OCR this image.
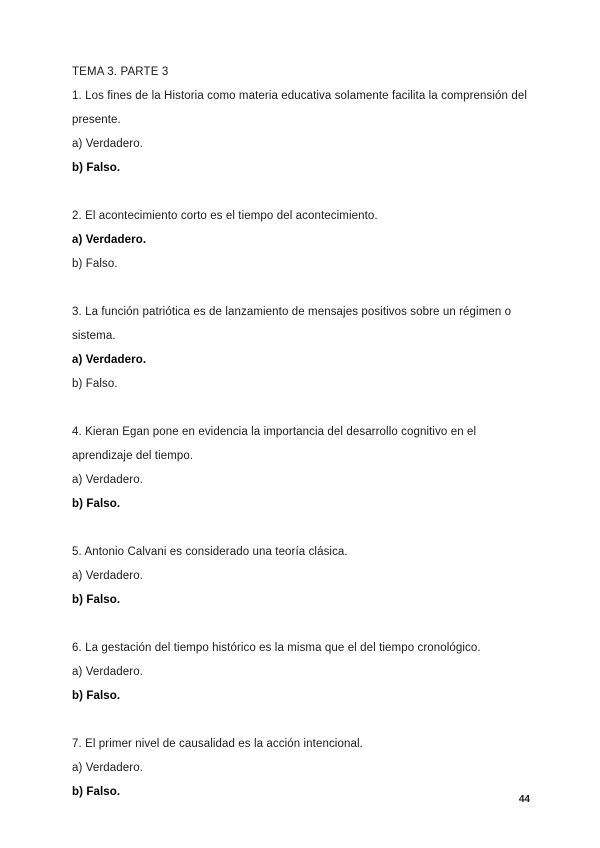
TEMA 3. PARTE 3
1. Los fines de la Historia como materia educativa solamente facilita la comprensión del presente.
a) Verdadero.
b) Falso.
2. El acontecimiento corto es el tiempo del acontecimiento.
a) Verdadero.
b) Falso.
3. La función patriótica es de lanzamiento de mensajes positivos sobre un régimen o sistema.
a) Verdadero.
b) Falso.
4. Kieran Egan pone en evidencia la importancia del desarrollo cognitivo en el aprendizaje del tiempo.
a) Verdadero.
b) Falso.
5. Antonio Calvani es considerado una teoría clásica.
a) Verdadero.
b) Falso.
6. La gestación del tiempo histórico es la misma que el del tiempo cronológico.
a) Verdadero.
b) Falso.
7. El primer nivel de causalidad es la acción intencional.
a) Verdadero.
b) Falso.
44
